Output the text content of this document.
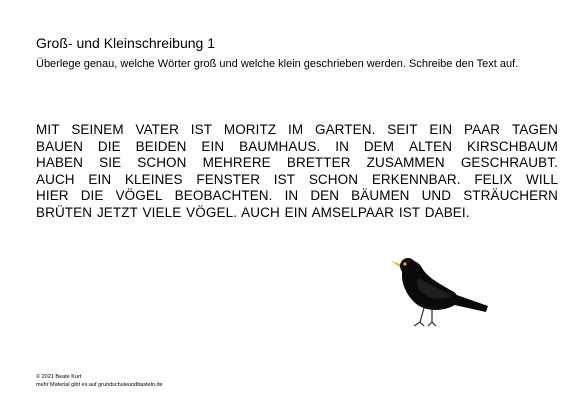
Groß- und Kleinschreibung 1

Überlege genau, welche Wörter groß und welche klein geschrieben werden. Schreibe den Text auf.

MIT SEINEM VATER IST MORITZ IM GARTEN. SEIT EIN PAAR TAGEN
BAUEN DIE BEIDEN EIN BAUMHAUS. IN DEM ALTEN KIRSCHBAUM
HABEN SIE SCHON MEHRERE BRETTER ZUSAMMEN GESCHRAUBT.
AUCH EIN KLEINES FENSTER IST SCHON ERKENNBAR. FELIX WILL
HIER DIE VÖGEL BEOBACHTEN. IN DEN BÄUMEN UND STRÄUCHERN
BRÜTEN JETZT VIELE VÖGEL. AUCH EIN AMSELPAAR IST DABEI.
© 2021 Beate Kurt
mehr Material gibt es auf grundschuleundbasteln.de
